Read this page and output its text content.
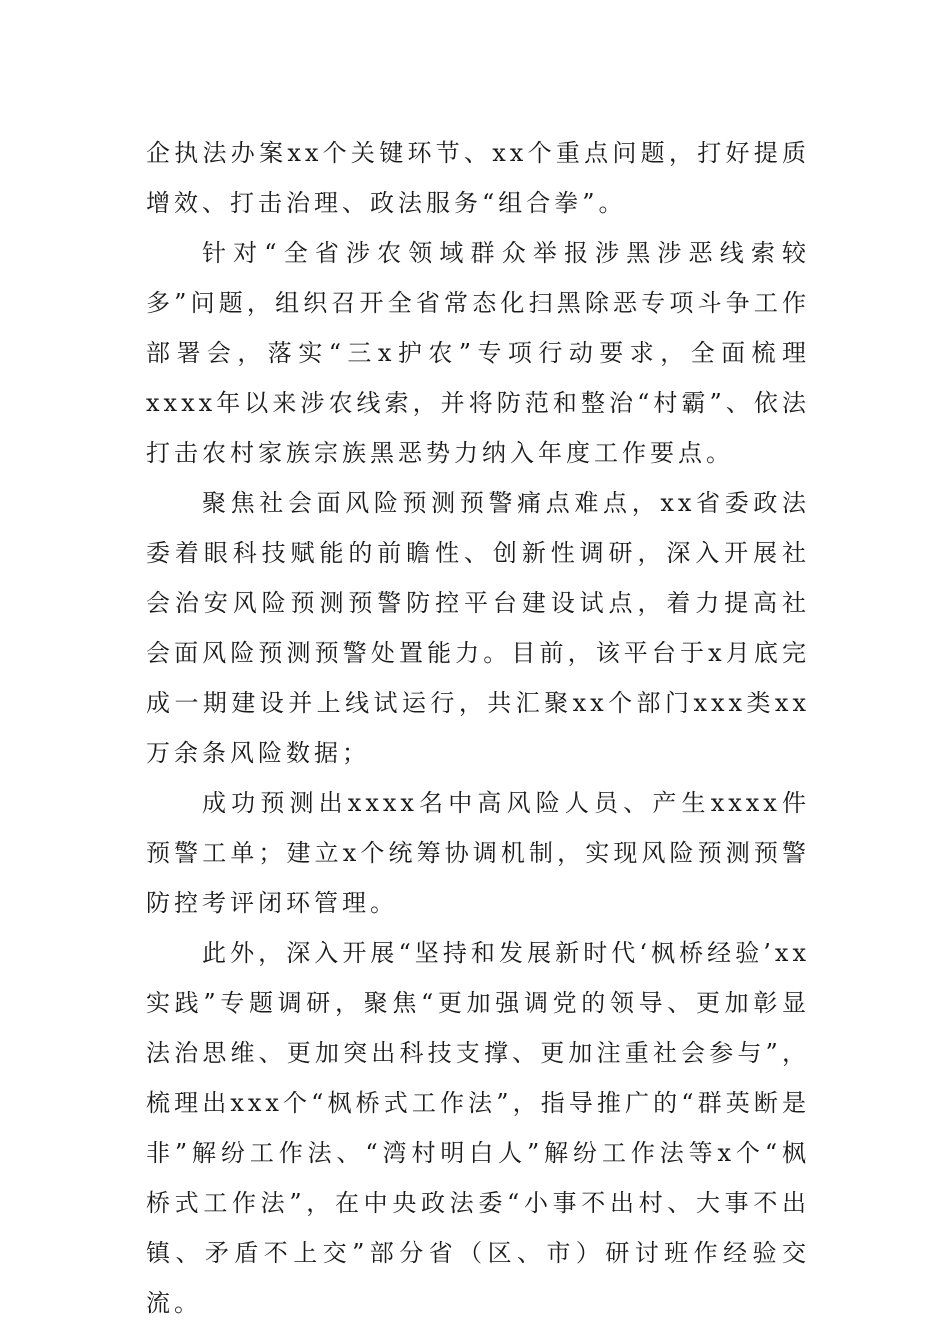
企执法办案xx个关键环节、xx个重点问题，打好提质增效、打击治理、政法服务“组合拳”。

针对“全省涉农领域群众举报涉黑涉恶线索较多”问题，组织召开全省常态化扫黑除恶专项斗争工作部署会，落实“三x护农”专项行动要求，全面梳理xxxx年以来涉农线索，并将防范和整治“村霸”、依法打击农村家族宗族黑恶势力纳入年度工作要点。

聚焦社会面风险预测预警痛点难点，xx省委政法委着眼科技赋能的前瞻性、创新性调研，深入开展社会治安风险预测预警防控平台建设试点，着力提高社会面风险预测预警处置能力。目前，该平台于x月底完成一期建设并上线试运行，共汇聚xx个部门xxx类xx万余条风险数据；

成功预测出xxxx名中高风险人员、产生xxxx件预警工单；建立x个统筹协调机制，实现风险预测预警防控考评闭环管理。

此外，深入开展“坚持和发展新时代‘枫桥经验’xx实践”专题调研，聚焦“更加强调党的领导、更加彰显法治思维、更加突出科技支撑、更加注重社会参与”，梳理出xxx个“枫桥式工作法”，指导推广的“群英断是非”解纷工作法、“湾村明白人”解纷工作法等x个“枫桥式工作法”，在中央政法委“小事不出村、大事不出镇、矛盾不上交”部分省（区、市）研讨班作经验交流。
